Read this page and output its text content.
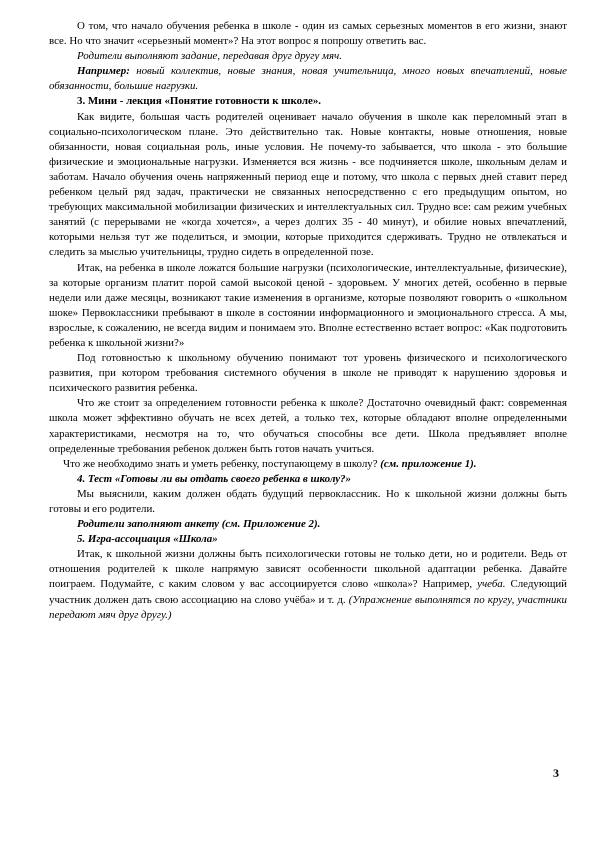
О том, что начало обучения ребенка в школе - один из самых серьезных моментов в его жизни, знают все. Но что значит «серьезный момент»? На этот вопрос я попрошу ответить вас.

Родители выполняют задание, передавая друг другу мяч.

Например: новый коллектив, новые знания, новая учительница, много новых впечатлений, новые обязанности, большие нагрузки.

3. Мини - лекция «Понятие готовности к школе».

Как видите, большая часть родителей оценивает начало обучения в школе как переломный этап в социально-психологическом плане. Это действительно так. Новые контакты, новые отношения, новые обязанности, новая социальная роль, иные условия. Не почему-то забывается, что школа - это большие физические и эмоциональные нагрузки. Изменяется вся жизнь - все подчиняется школе, школьным делам и заботам. Начало обучения очень напряженный период еще и потому, что школа с первых дней ставит перед ребенком целый ряд задач, практически не связанных непосредственно с его предыдущим опытом, но требующих максимальной мобилизации физических и интеллектуальных сил. Трудно все: сам режим учебных занятий (с перерывами не «когда хочется», а через долгих 35 - 40 минут), и обилие новых впечатлений, которыми нельзя тут же поделиться, и эмоции, которые приходится сдерживать. Трудно не отвлекаться и следить за мыслью учительницы, трудно сидеть в определенной позе.

Итак, на ребенка в школе ложатся большие нагрузки (психологические, интеллектуальные, физические), за которые организм платит порой самой высокой ценой - здоровьем. У многих детей, особенно в первые недели или даже месяцы, возникают такие изменения в организме, которые позволяют говорить о «школьном шоке» Первоклассники пребывают в школе в состоянии информационного и эмоционального стресса. А мы, взрослые, к сожалению, не всегда видим и понимаем это. Вполне естественно встает вопрос: «Как подготовить ребенка к школьной жизни?»

Под готовностью к школьному обучению понимают тот уровень физического и психологического развития, при котором требования системного обучения в школе не приводят к нарушению здоровья и психического развития ребенка.

Что же стоит за определением готовности ребенка к школе? Достаточно очевидный факт: современная школа может эффективно обучать не всех детей, а только тех, которые обладают вполне определенными характеристиками, несмотря на то, что обучаться способны все дети. Школа предъявляет вполне определенные требования ребенок должен быть готов начать учиться.

Что же необходимо знать и уметь ребенку, поступающему в школу? (см. приложение 1).

4. Тест «Готовы ли вы отдать своего ребенка в школу?»

Мы выяснили, каким должен обдать будущий первоклассник. Но к школьной жизни должны быть готовы и его родители.

Родители заполняют анкету (см. Приложение 2).

5. Игра-ассоциация «Школа»

Итак, к школьной жизни должны быть психологически готовы не только дети, но и родители. Ведь от отношения родителей к школе напрямую зависят особенности школьной адаптации ребенка. Давайте поиграем. Подумайте, с каким словом у вас ассоциируется слово «школа»? Например, учеба. Следующий участник должен дать свою ассоциацию на слово учёба» и т. д. (Упражнение выполнятся по кругу, участники передают мяч друг другу.)

3
